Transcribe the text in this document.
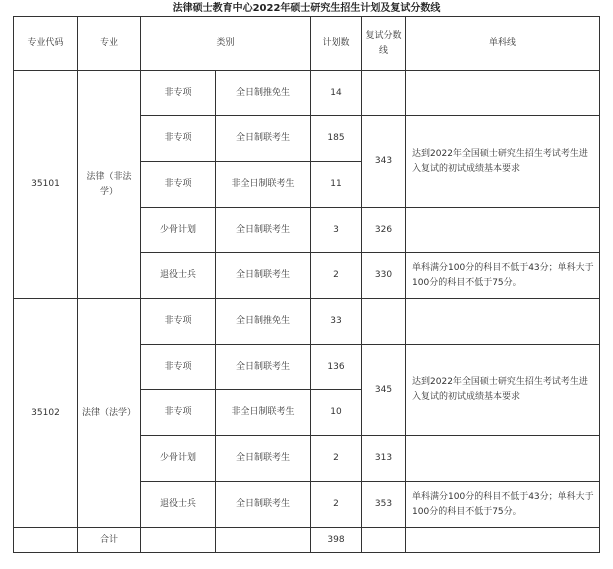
法律硕士教育中心2022年硕士研究生招生计划及复试分数线
专业代码	专业	类别		计划数	复试分数线	单科线
35101	法律（非法学）	非专项	全日制推免生	14		
		非专项	全日制联考生	185	343	达到2022年全国硕士研究生招生考试考生进入复试的初试成绩基本要求
		非专项	非全日制联考生	11		
		少骨计划	全日制联考生	3	326	
		退役士兵	全日制联考生	2	330	单科满分100分的科目不低于43分；单科大于100分的科目不低于75分。
35102	法律（法学）	非专项	全日制推免生	33		
		非专项	全日制联考生	136	345	达到2022年全国硕士研究生招生考试考生进入复试的初试成绩基本要求
		非专项	非全日制联考生	10		
		少骨计划	全日制联考生	2	313	
		退役士兵	全日制联考生	2	353	单科满分100分的科目不低于43分；单科大于100分的科目不低于75分。
	合计			398		
